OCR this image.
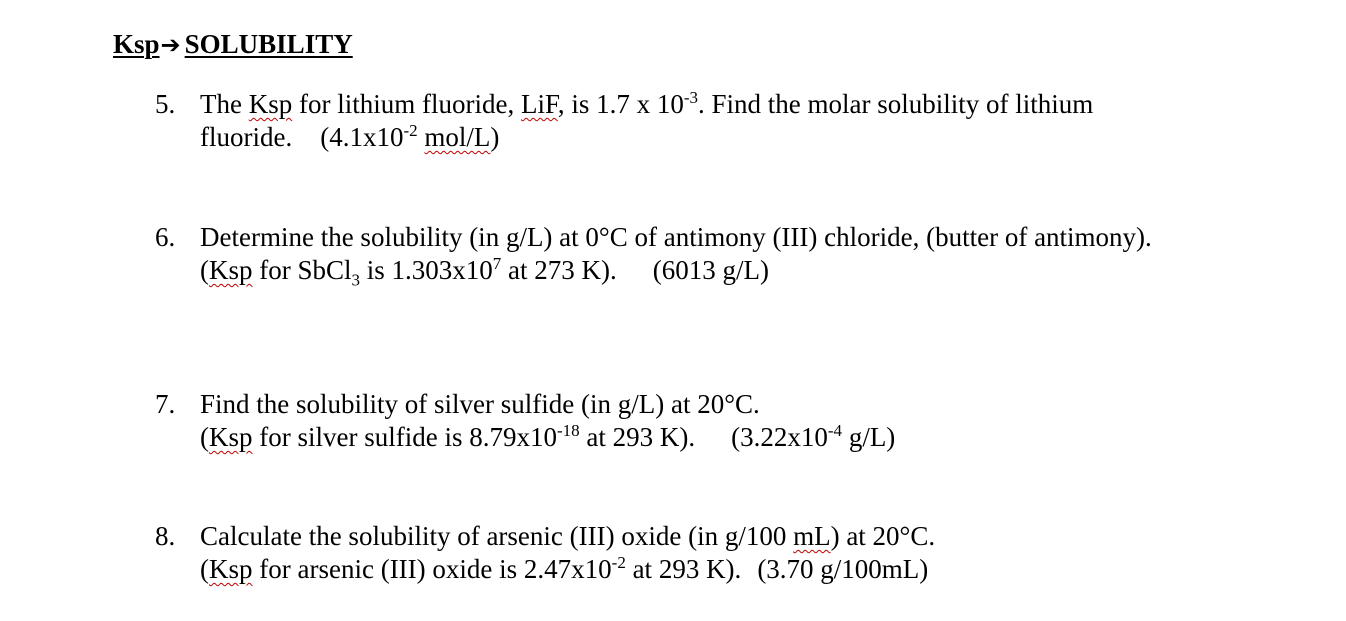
Ksp➔ SOLUBILITY
5. The Ksp for lithium fluoride, LiF, is 1.7 x $10^{-3}$. Find the molar solubility of lithium
fluoride. ($4.1x10^{-2}$ mol/L)
6. Determine the solubility (in g/L) at 0°C of antimony (III) chloride, (butter of antimony).
(Ksp for SbCl$_3$ is $1.303x10^7$ at 273 K). (6013 g/L)
7. Find the solubility of silver sulfide (in g/L) at 20°C.
(Ksp for silver sulfide is $8.79x10^{-18}$ at 293 K). ($3.22x10^{-4}$ g/L)
8. Calculate the solubility of arsenic (III) oxide (in g/100 mL) at 20°C.
(Ksp for arsenic (III) oxide is $2.47x10^{-2}$ at 293 K). (3.70 g/100mL)
